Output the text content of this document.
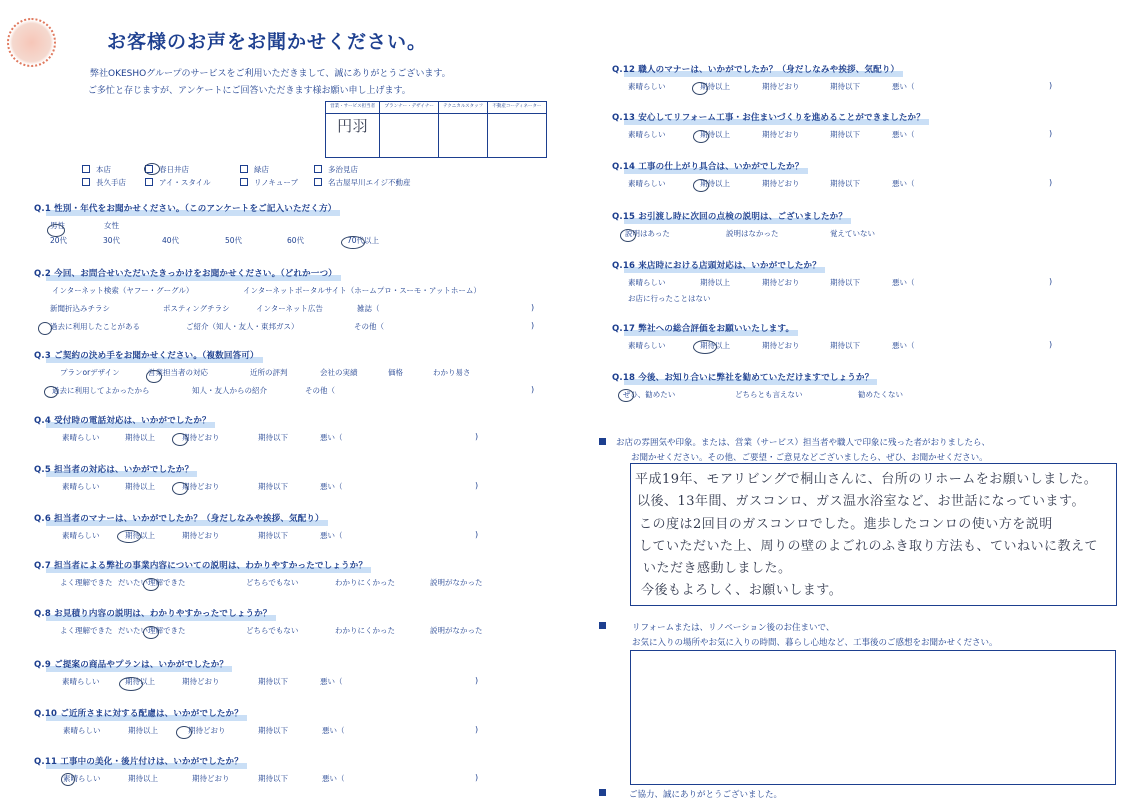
お客様のお声をお聞かせください。
弊社OKESHOグループのサービスをご利用いただきまして、誠にありがとうございます。
ご多忙と存じますが、アンケートにご回答いただきます様お願い申し上げます。
営業・サービス担当者	プランナー・デザイナー	テクニカルスタッフ	不動産コーディネーター
円羽			
本店	春日井店	緑店	多治見店
長久手店	アイ・スタイル	リノキューブ	名古屋早川エイジ不動産
Q.1 性別・年代をお聞かせください。（このアンケートをご記入いただく方）
男性	女性
20代	30代	40代	50代	60代	70代以上
Q.2 今回、お問合せいただいたきっかけをお聞かせください。（どれか一つ）
インターネット検索（ヤフー・グーグル）	インターネットポータルサイト（ホームプロ・スーモ・アットホーム）
新聞折込みチラシ	ポスティングチラシ	インターネット広告	雑誌（	)
過去に利用したことがある	ご紹介（知人・友人・東邦ガス）	その他（	)
Q.3 ご契約の決め手をお聞かせください。（複数回答可）
プランorデザイン	営業担当者の対応	近所の評判	会社の実績	価格	わかり易さ
過去に利用してよかったから	知人・友人からの紹介	その他（	)
Q.4 受付時の電話対応は、いかがでしたか？
素晴らしい	期待以上	期待どおり	期待以下	悪い（	)
Q.5 担当者の対応は、いかがでしたか？
素晴らしい	期待以上	期待どおり	期待以下	悪い（	)
Q.6 担当者のマナーは、いかがでしたか？（身だしなみや挨拶、気配り）
素晴らしい	期待以上	期待どおり	期待以下	悪い（	)
Q.7 担当者による弊社の事業内容についての説明は、わかりやすかったでしょうか？
よく理解できた だいたい理解できた	どちらでもない	わかりにくかった	説明がなかった
Q.8 お見積り内容の説明は、わかりやすかったでしょうか？
よく理解できた だいたい理解できた	どちらでもない	わかりにくかった	説明がなかった
Q.9 ご提案の商品やプランは、いかがでしたか？
素晴らしい	期待以上	期待どおり	期待以下	悪い（	)
Q.10 ご近所さまに対する配慮は、いかがでしたか？
素晴らしい	期待以上	期待どおり	期待以下	悪い（	)
Q.11 工事中の美化・後片付けは、いかがでしたか？
素晴らしい	期待以上	期待どおり	期待以下	悪い（	)
Q.12 職人のマナーは、いかがでしたか？（身だしなみや挨拶、気配り）
素晴らしい	期待以上	期待どおり	期待以下	悪い（	)
Q.13 安心してリフォーム工事・お住まいづくりを進めることができましたか？
素晴らしい	期待以上	期待どおり	期待以下	悪い（	)
Q.14 工事の仕上がり具合は、いかがでしたか？
素晴らしい	期待以上	期待どおり	期待以下	悪い（	)
Q.15 お引渡し時に次回の点検の説明は、ございましたか？
説明はあった	説明はなかった	覚えていない
Q.16 来店時における店頭対応は、いかがでしたか？
素晴らしい	期待以上	期待どおり	期待以下	悪い（	)
お店に行ったことはない
Q.17 弊社への総合評価をお願いいたします。
素晴らしい	期待以上	期待どおり	期待以下	悪い（	)
Q.18 今後、お知り合いに弊社を勧めていただけますでしょうか？
ぜひ、勧めたい	どちらとも言えない	勧めたくない
お店の雰囲気や印象。または、営業（サービス）担当者や職人で印象に残った者がおりましたら、
お聞かせください。その他、ご要望・ご意見などございましたら、ぜひ、お聞かせください。
平成19年、モアリビングで桐山さんに、台所のリホームをお願いしました。
以後、13年間、ガスコンロ、ガス温水浴室など、お世話になっています。
この度は2回目のガスコンロでした。進歩したコンロの使い方を説明
していただいた上、周りの壁のよごれのふき取り方法も、ていねいに教えて
いただき感動しました。
今後もよろしく、お願いします。
リフォームまたは、リノベーション後のお住まいで、
お気に入りの場所やお気に入りの時間、暮らし心地など、工事後のご感想をお聞かせください。
ご協力、誠にありがとうございました。
